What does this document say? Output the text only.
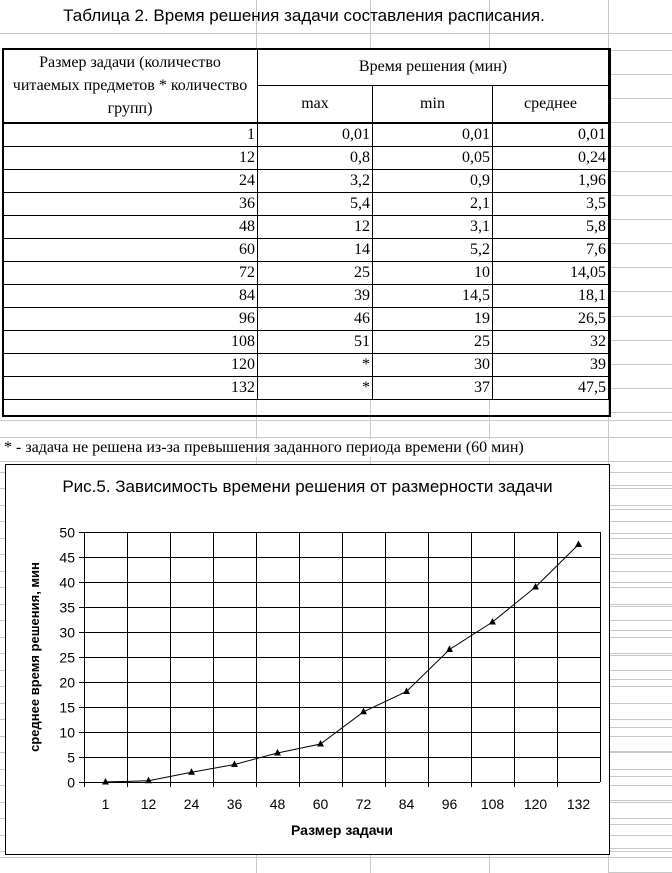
Таблица 2. Время решения задачи составления расписания.
Размер задачи (количество читаемых предметов * количество групп)	Время решения (мин)		
	max	min	среднее
1	0,01	0,01	0,01
12	0,8	0,05	0,24
24	3,2	0,9	1,96
36	5,4	2,1	3,5
48	12	3,1	5,8
60	14	5,2	7,6
72	25	10	14,05
84	39	14,5	18,1
96	46	19	26,5
108	51	25	32
120	*	30	39
132	*	37	47,5
* - задача не решена из-за превышения заданного периода времени (60 мин)
Рис.5. Зависимость времени решения от размерности задачи
0
5
10
15
20
25
30
35
40
45
50
1 12 24 36 48 60 72 84 96 108 120 132
Размер задачи
среднее время решения, мин
